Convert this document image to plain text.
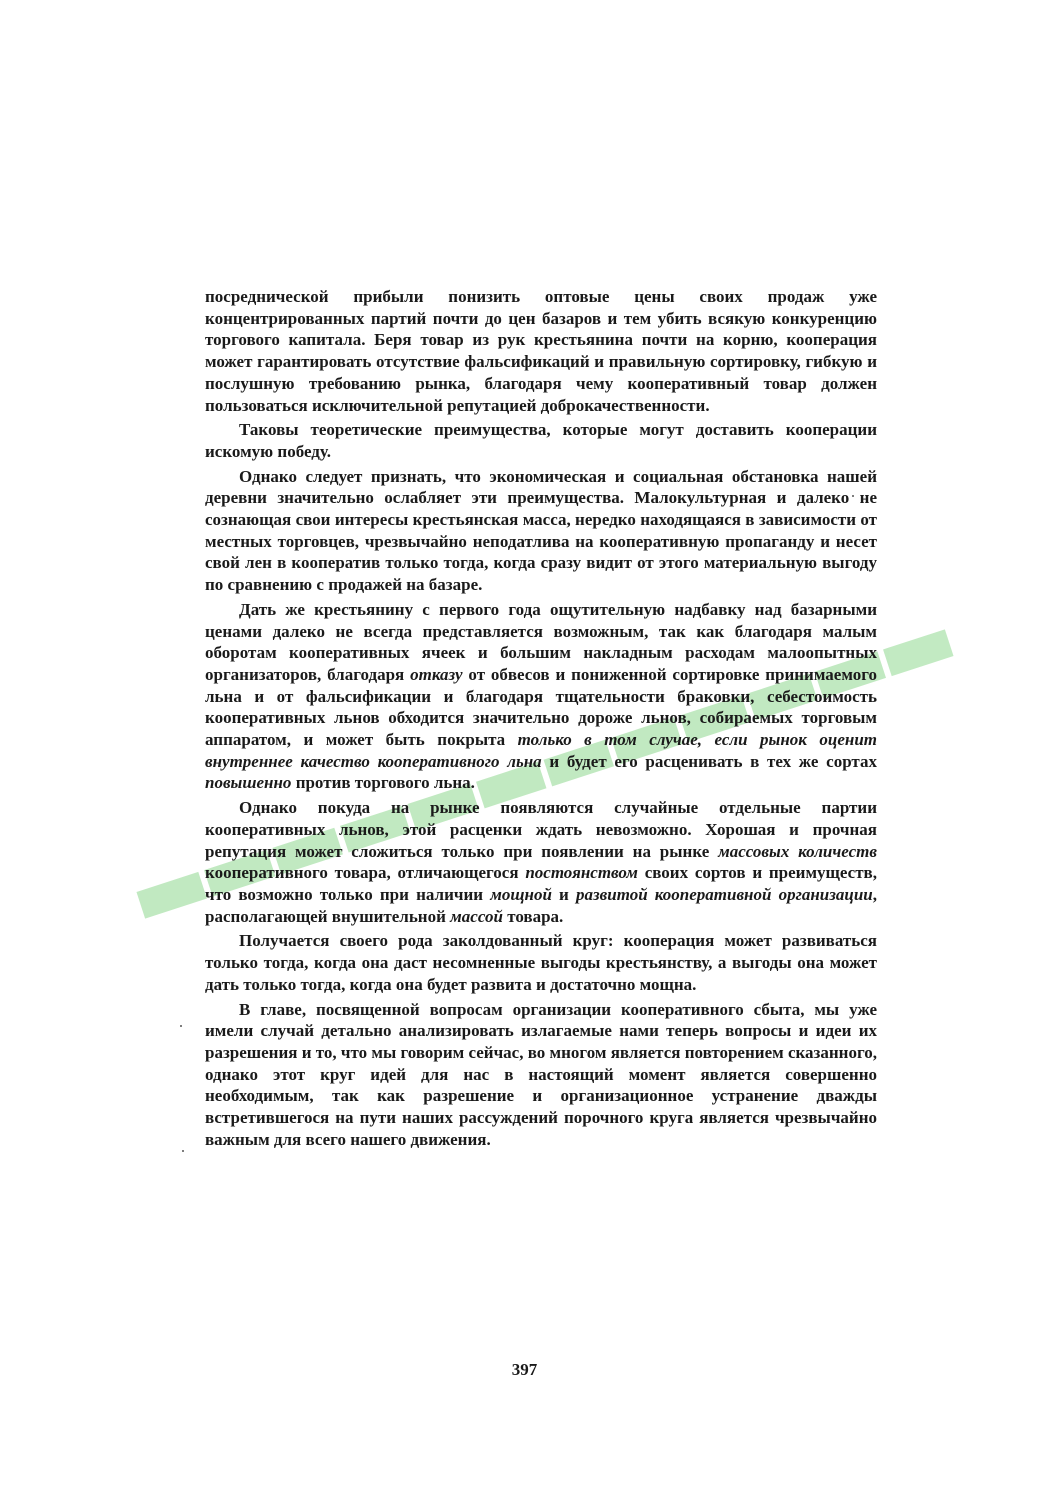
посреднической прибыли понизить оптовые цены своих продаж уже концентрированных партий почти до цен базаров и тем убить всякую конкуренцию торгового капитала. Беря товар из рук крестьянина почти на корню, кооперация может гарантировать отсутствие фальсификаций и правильную сортировку, гибкую и послушную требованию рынка, благодаря чему кооперативный товар должен пользоваться исключительной репутацией доброкачественности.

Таковы теоретические преимущества, которые могут доставить кооперации искомую победу.

Однако следует признать, что экономическая и социальная обстановка нашей деревни значительно ослабляет эти преимущества. Малокультурная и далеко не сознающая свои интересы крестьянская масса, нередко находящаяся в зависимости от местных торговцев, чрезвычайно неподатлива на кооперативную пропаганду и несет свой лен в кооператив только тогда, когда сразу видит от этого материальную выгоду по сравнению с продажей на базаре.

Дать же крестьянину с первого года ощутительную надбавку над базарными ценами далеко не всегда представляется возможным, так как благодаря малым оборотам кооперативных ячеек и большим накладным расходам малоопытных организаторов, благодаря отказу от обвесов и пониженной сортировке принимаемого льна и от фальсификации и благодаря тщательности браковки, себестоимость кооперативных льнов обходится значительно дороже льнов, собираемых торговым аппаратом, и может быть покрыта только в том случае, если рынок оценит внутреннее качество кооперативного льна и будет его расценивать в тех же сортах повышенно против торгового льна.

Однако покуда на рынке появляются случайные отдельные партии кооперативных льнов, этой расценки ждать невозможно. Хорошая и прочная репутация может сложиться только при появлении на рынке массовых количеств кооперативного товара, отличающегося постоянством своих сортов и преимуществ, что возможно только при наличии мощной и развитой кооперативной организации, располагающей внушительной массой товара.

Получается своего рода заколдованный круг: кооперация может развиваться только тогда, когда она даст несомненные выгоды крестьянству, а выгоды она может дать только тогда, когда она будет развита и достаточно мощна.

В главе, посвященной вопросам организации кооперативного сбыта, мы уже имели случай детально анализировать излагаемые нами теперь вопросы и идеи их разрешения и то, что мы говорим сейчас, во многом является повторением сказанного, однако этот круг идей для нас в настоящий момент является совершенно необходимым, так как разрешение и организационное устранение дважды встретившегося на пути наших рассуждений порочного круга является чрезвычайно важным для всего нашего движения.

397
